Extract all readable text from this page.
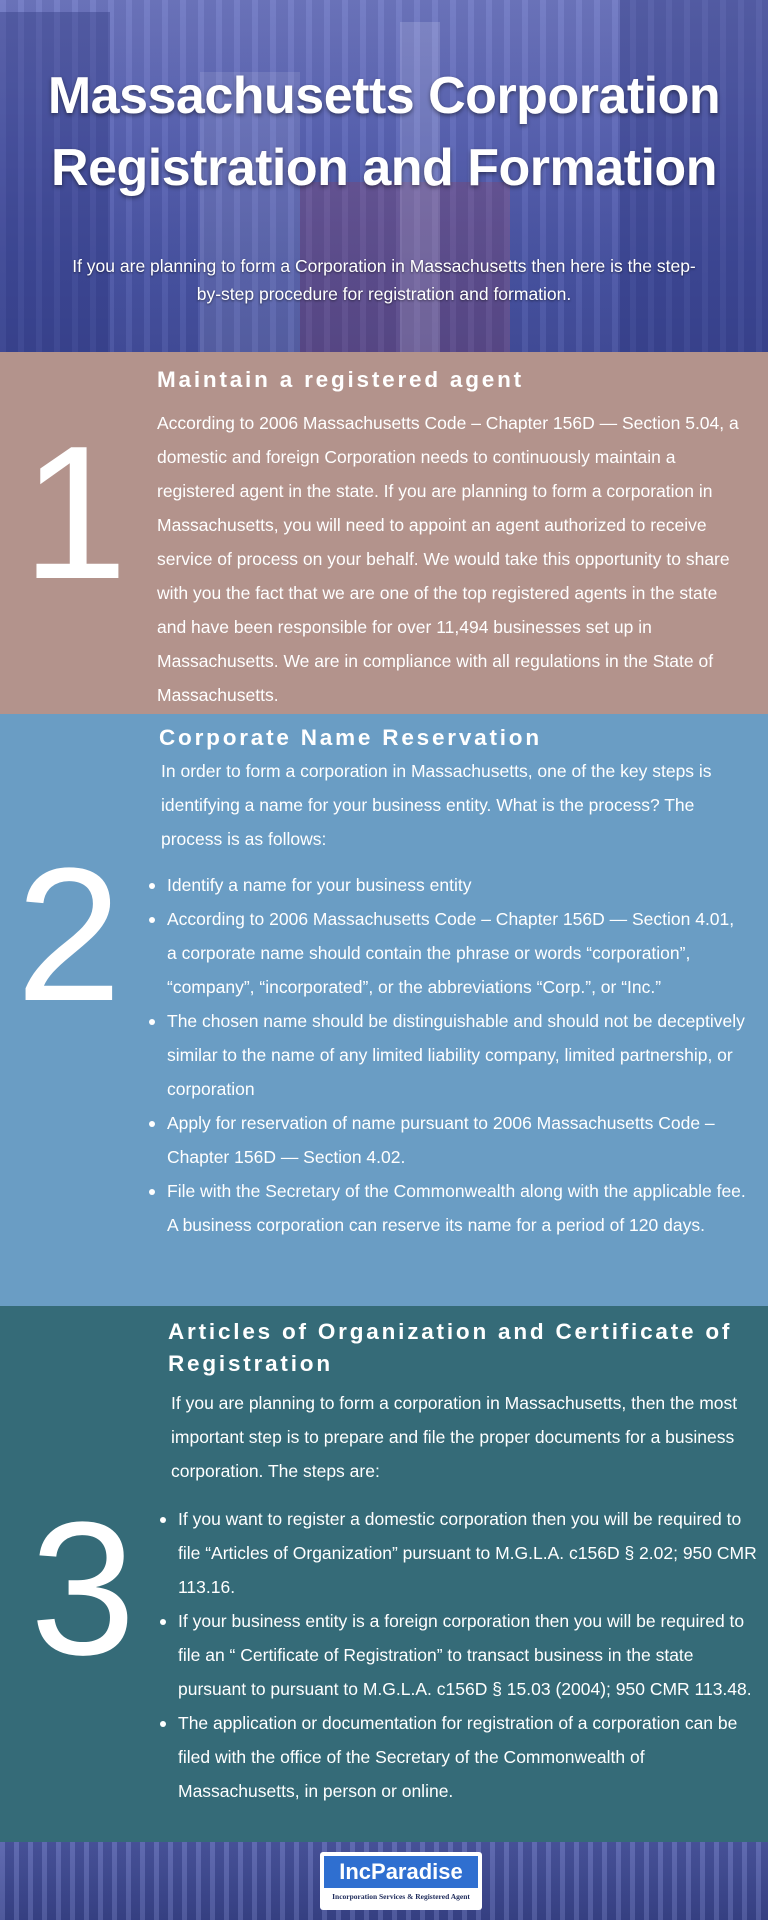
Massachusetts Corporation
Registration and Formation

If you are planning to form a Corporation in Massachusetts then here is the step-by-step procedure for registration and formation.

1
Maintain a registered agent

According to 2006 Massachusetts Code – Chapter 156D — Section 5.04, a domestic and foreign Corporation needs to continuously maintain a registered agent in the state. If you are planning to form a corporation in Massachusetts, you will need to appoint an agent authorized to receive service of process on your behalf. We would take this opportunity to share with you the fact that we are one of the top registered agents in the state and have been responsible for over 11,494 businesses set up in Massachusetts. We are in compliance with all regulations in the State of Massachusetts.

2
Corporate Name Reservation

In order to form a corporation in Massachusetts, one of the key steps is identifying a name for your business entity. What is the process? The process is as follows:

Identify a name for your business entity
According to 2006 Massachusetts Code – Chapter 156D — Section 4.01, a corporate name should contain the phrase or words “corporation”, “company”, “incorporated”, or the abbreviations “Corp.”, or “Inc.”
The chosen name should be distinguishable and should not be deceptively similar to the name of any limited liability company, limited partnership, or corporation
Apply for reservation of name pursuant to 2006 Massachusetts Code – Chapter 156D — Section 4.02.
File with the Secretary of the Commonwealth along with the applicable fee. A business corporation can reserve its name for a period of 120 days.
3
Articles of Organization and Certificate of Registration

If you are planning to form a corporation in Massachusetts, then the most important step is to prepare and file the proper documents for a business corporation. The steps are:

If you want to register a domestic corporation then you will be required to file “Articles of Organization” pursuant to M.G.L.A. c156D § 2.02; 950 CMR 113.16.
If your business entity is a foreign corporation then you will be required to file an “ Certificate of Registration” to transact business in the state pursuant to pursuant to M.G.L.A. c156D § 15.03 (2004); 950 CMR 113.48.
The application or documentation for registration of a corporation can be filed with the office of the Secretary of the Commonwealth of Massachusetts, in person or online.
IncParadise
Incorporation Services & Registered Agent
